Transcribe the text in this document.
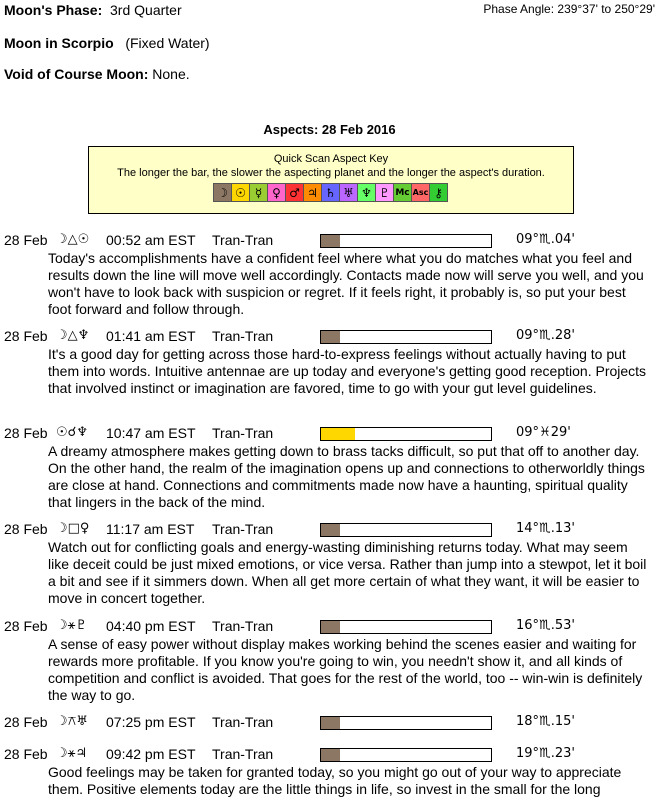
Moon's Phase: 3rd Quarter	Phase Angle: 239°37' to 250°29'
Moon in Scorpio (Fixed Water)
Void of Course Moon: None.
Aspects: 28 Feb 2016
Quick Scan Aspect Key
The longer the bar, the slower the aspecting planet and the longer the aspect's duration.
☽ ☉ ☿ ♀ ♂ ♃ ♄ ♅ ♆ ♇ Mc Asc ⚷
28 Feb ☽△☉ 00:52 am EST Tran-Tran	09°♏.04'
Today's accomplishments have a confident feel where what you do matches what you feel and results down the line will move well accordingly. Contacts made now will serve you well, and you won't have to look back with suspicion or regret. If it feels right, it probably is, so put your best foot forward and follow through.
28 Feb ☽△♆ 01:41 am EST Tran-Tran	09°♏.28'
It's a good day for getting across those hard-to-express feelings without actually having to put them into words. Intuitive antennae are up today and everyone's getting good reception. Projects that involved instinct or imagination are favored, time to go with your gut level guidelines.
28 Feb ☉☌♆ 10:47 am EST Tran-Tran	09°♓29'
A dreamy atmosphere makes getting down to brass tacks difficult, so put that off to another day. On the other hand, the realm of the imagination opens up and connections to otherworldly things are close at hand. Connections and commitments made now have a haunting, spiritual quality that lingers in the back of the mind.
28 Feb ☽□♀ 11:17 am EST Tran-Tran	14°♏.13'
Watch out for conflicting goals and energy-wasting diminishing returns today. What may seem like deceit could be just mixed emotions, or vice versa. Rather than jump into a stewpot, let it boil a bit and see if it simmers down. When all get more certain of what they want, it will be easier to move in concert together.
28 Feb ☽⚹♇ 04:40 pm EST Tran-Tran	16°♏.53'
A sense of easy power without display makes working behind the scenes easier and waiting for rewards more profitable. If you know you're going to win, you needn't show it, and all kinds of competition and conflict is avoided. That goes for the rest of the world, too -- win-win is definitely the way to go.
28 Feb ☽⚻♅ 07:25 pm EST Tran-Tran	18°♏.15'
28 Feb ☽⚹♃ 09:42 pm EST Tran-Tran	19°♏.23'
Good feelings may be taken for granted today, so you might go out of your way to appreciate them. Positive elements today are the little things in life, so invest in the small for the long
